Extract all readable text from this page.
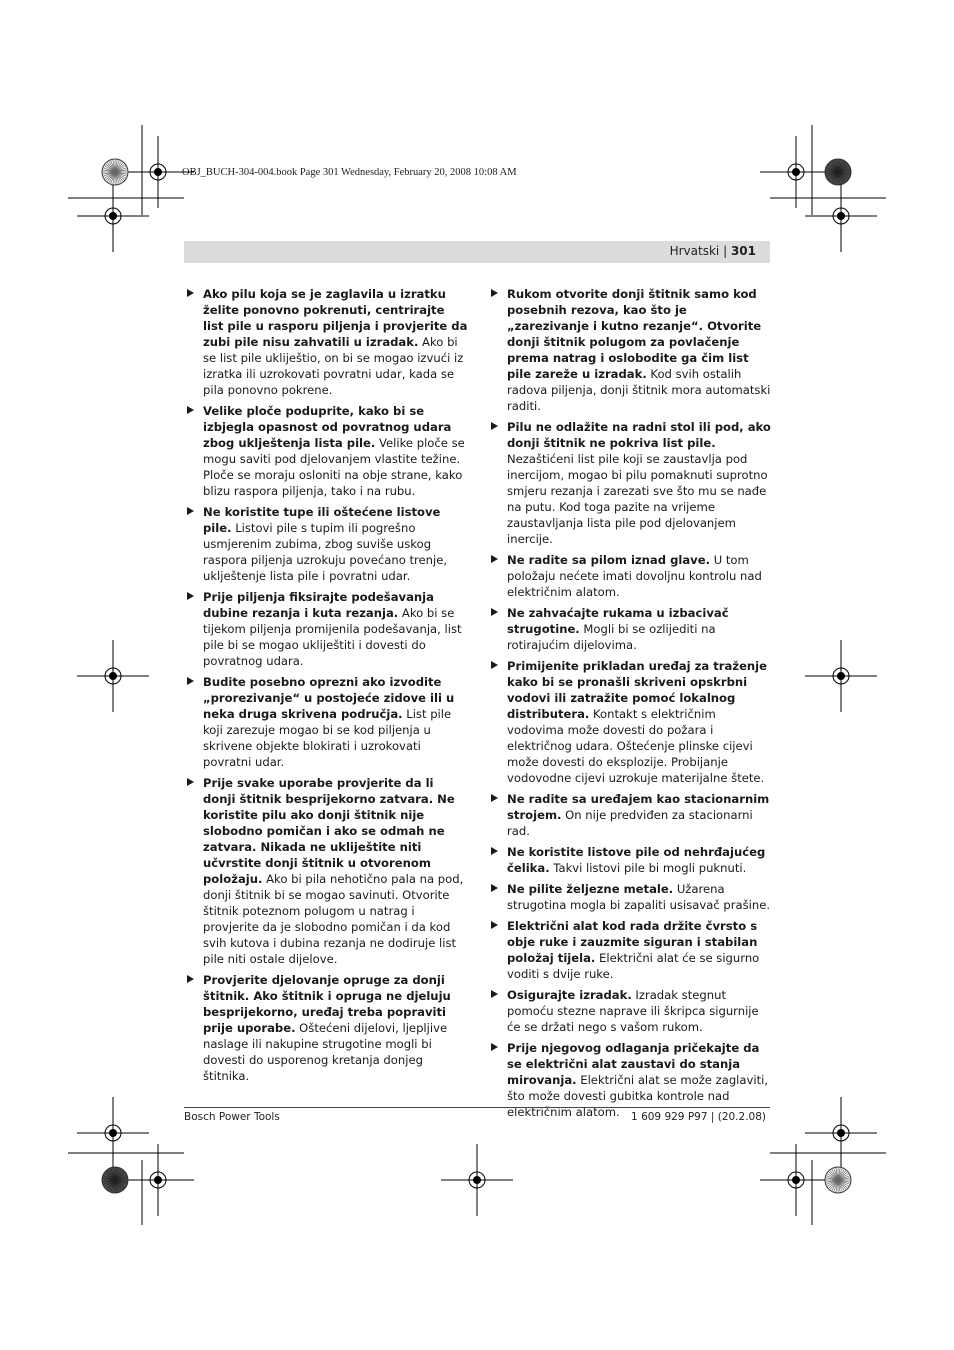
OBJ_BUCH-304-004.book Page 301 Wednesday, February 20, 2008 10:08 AM
Hrvatski | 301
Ako pilu koja se je zaglavila u izratku želite ponovno pokrenuti, centrirajte list pile u rasporu piljenja i provjerite da zubi pile nisu zahvatili u izradak. Ako bi se list pile ukliještio, on bi se mogao izvući iz izratka ili uzrokovati povratni udar, kada se pila ponovno pokrene.
Velike ploče poduprite, kako bi se izbjegla opasnost od povratnog udara zbog uklještenja lista pile. Velike ploče se mogu saviti pod djelovanjem vlastite težine. Ploče se moraju osloniti na obje strane, kako blizu raspora piljenja, tako i na rubu.
Ne koristite tupe ili oštećene listove pile. Listovi pile s tupim ili pogrešno usmjerenim zubima, zbog suviše uskog raspora piljenja uzrokuju povećano trenje, uklještenje lista pile i povratni udar.
Prije piljenja fiksirajte podešavanja dubine rezanja i kuta rezanja. Ako bi se tijekom piljenja promijenila podešavanja, list pile bi se mogao ukliještiti i dovesti do povratnog udara.
Budite posebno oprezni ako izvodite „prorezivanje“ u postojeće zidove ili u neka druga skrivena područja. List pile koji zarezuje mogao bi se kod piljenja u skrivene objekte blokirati i uzrokovati povratni udar.
Prije svake uporabe provjerite da li donji štitnik besprijekorno zatvara. Ne koristite pilu ako donji štitnik nije slobodno pomičan i ako se odmah ne zatvara. Nikada ne ukliještite niti učvrstite donji štitnik u otvorenom položaju. Ako bi pila nehotično pala na pod, donji štitnik bi se mogao savinuti. Otvorite štitnik poteznom polugom u natrag i provjerite da je slobodno pomičan i da kod svih kutova i dubina rezanja ne dodiruje list pile niti ostale dijelove.
Provjerite djelovanje opruge za donji štitnik. Ako štitnik i opruga ne djeluju besprijekorno, uređaj treba popraviti prije uporabe. Oštećeni dijelovi, ljepljive naslage ili nakupine strugotine mogli bi dovesti do usporenog kretanja donjeg štitnika.
Rukom otvorite donji štitnik samo kod posebnih rezova, kao što je „zarezivanje i kutno rezanje“. Otvorite donji štitnik polugom za povlačenje prema natrag i oslobodite ga čim list pile zareže u izradak. Kod svih ostalih radova piljenja, donji štitnik mora automatski raditi.
Pilu ne odlažite na radni stol ili pod, ako donji štitnik ne pokriva list pile. Nezaštićeni list pile koji se zaustavlja pod inercijom, mogao bi pilu pomaknuti suprotno smjeru rezanja i zarezati sve što mu se nađe na putu. Kod toga pazite na vrijeme zaustavljanja lista pile pod djelovanjem inercije.
Ne radite sa pilom iznad glave. U tom položaju nećete imati dovoljnu kontrolu nad električnim alatom.
Ne zahvaćajte rukama u izbacivač strugotine. Mogli bi se ozlijediti na rotirajućim dijelovima.
Primijenite prikladan uređaj za traženje kako bi se pronašli skriveni opskrbni vodovi ili zatražite pomoć lokalnog distributera. Kontakt s električnim vodovima može dovesti do požara i električnog udara. Oštećenje plinske cijevi može dovesti do eksplozije. Probijanje vodovodne cijevi uzrokuje materijalne štete.
Ne radite sa uređajem kao stacionarnim strojem. On nije predviđen za stacionarni rad.
Ne koristite listove pile od nehrđajućeg čelika. Takvi listovi pile bi mogli puknuti.
Ne pilite željezne metale. Užarena strugotina mogla bi zapaliti usisavač prašine.
Električni alat kod rada držite čvrsto s obje ruke i zauzmite siguran i stabilan položaj tijela. Električni alat će se sigurno voditi s dvije ruke.
Osigurajte izradak. Izradak stegnut pomoću stezne naprave ili škripca sigurnije će se držati nego s vašom rukom.
Prije njegovog odlaganja pričekajte da se električni alat zaustavi do stanja mirovanja. Električni alat se može zaglaviti, što može dovesti gubitka kontrole nad električnim alatom.
Bosch Power Tools	1 609 929 P97 | (20.2.08)
